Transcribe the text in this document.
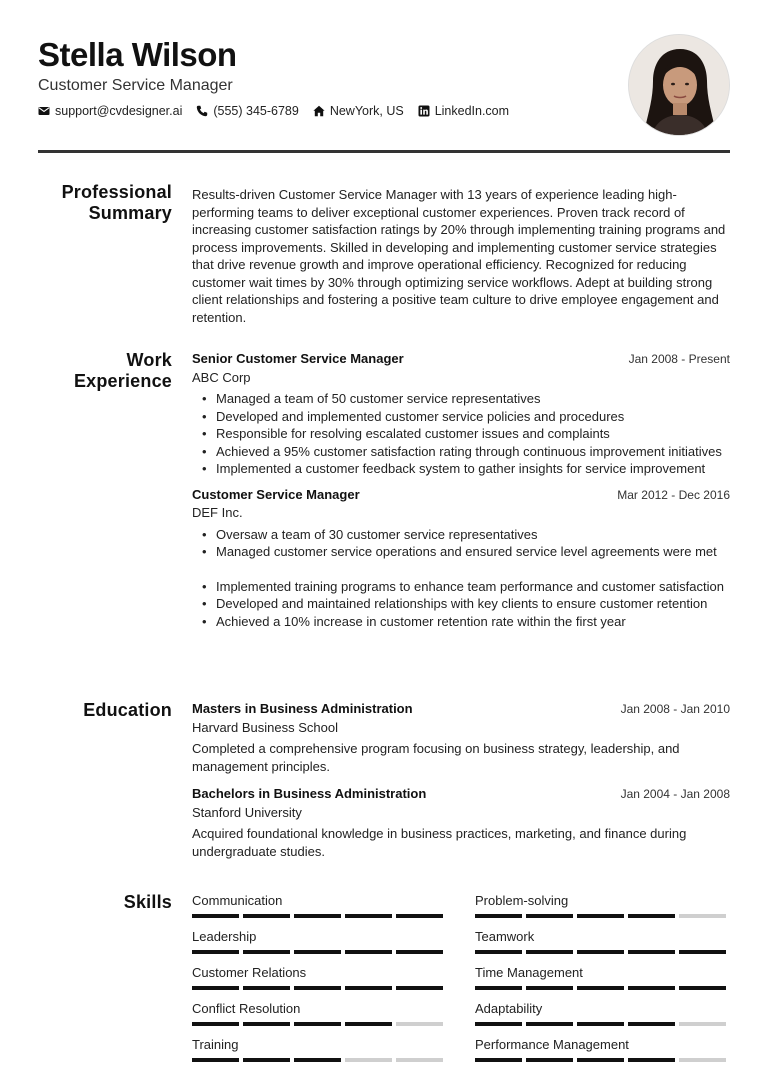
Stella Wilson
Customer Service Manager
support@cvdesigner.ai (555) 345-6789 NewYork, US LinkedIn.com
Professional
Summary
Results-driven Customer Service Manager with 13 years of experience leading high-performing teams to deliver exceptional customer experiences. Proven track record of increasing customer satisfaction ratings by 20% through implementing training programs and process improvements. Skilled in developing and implementing customer service strategies that drive revenue growth and improve operational efficiency. Recognized for reducing customer wait times by 30% through optimizing service workflows. Adept at building strong client relationships and fostering a positive team culture to drive employee engagement and retention.
Work
Experience
Senior Customer Service Manager	Jan 2008 - Present
ABC Corp
• Managed a team of 50 customer service representatives
• Developed and implemented customer service policies and procedures
• Responsible for resolving escalated customer issues and complaints
• Achieved a 95% customer satisfaction rating through continuous improvement initiatives
• Implemented a customer feedback system to gather insights for service improvement
Customer Service Manager	Mar 2012 - Dec 2016
DEF Inc.
• Oversaw a team of 30 customer service representatives
• Managed customer service operations and ensured service level agreements were met
• Implemented training programs to enhance team performance and customer satisfaction
• Developed and maintained relationships with key clients to ensure customer retention
• Achieved a 10% increase in customer retention rate within the first year
Education Masters in Business Administration	Jan 2008 - Jan 2010
Harvard Business School
Completed a comprehensive program focusing on business strategy, leadership, and management principles.
Bachelors in Business Administration	Jan 2004 - Jan 2008
Stanford University
Acquired foundational knowledge in business practices, marketing, and finance during undergraduate studies.
Skills Communication	Problem-solving
Leadership	Teamwork
Customer Relations	Time Management
Conflict Resolution	Adaptability
Training	Performance Management
